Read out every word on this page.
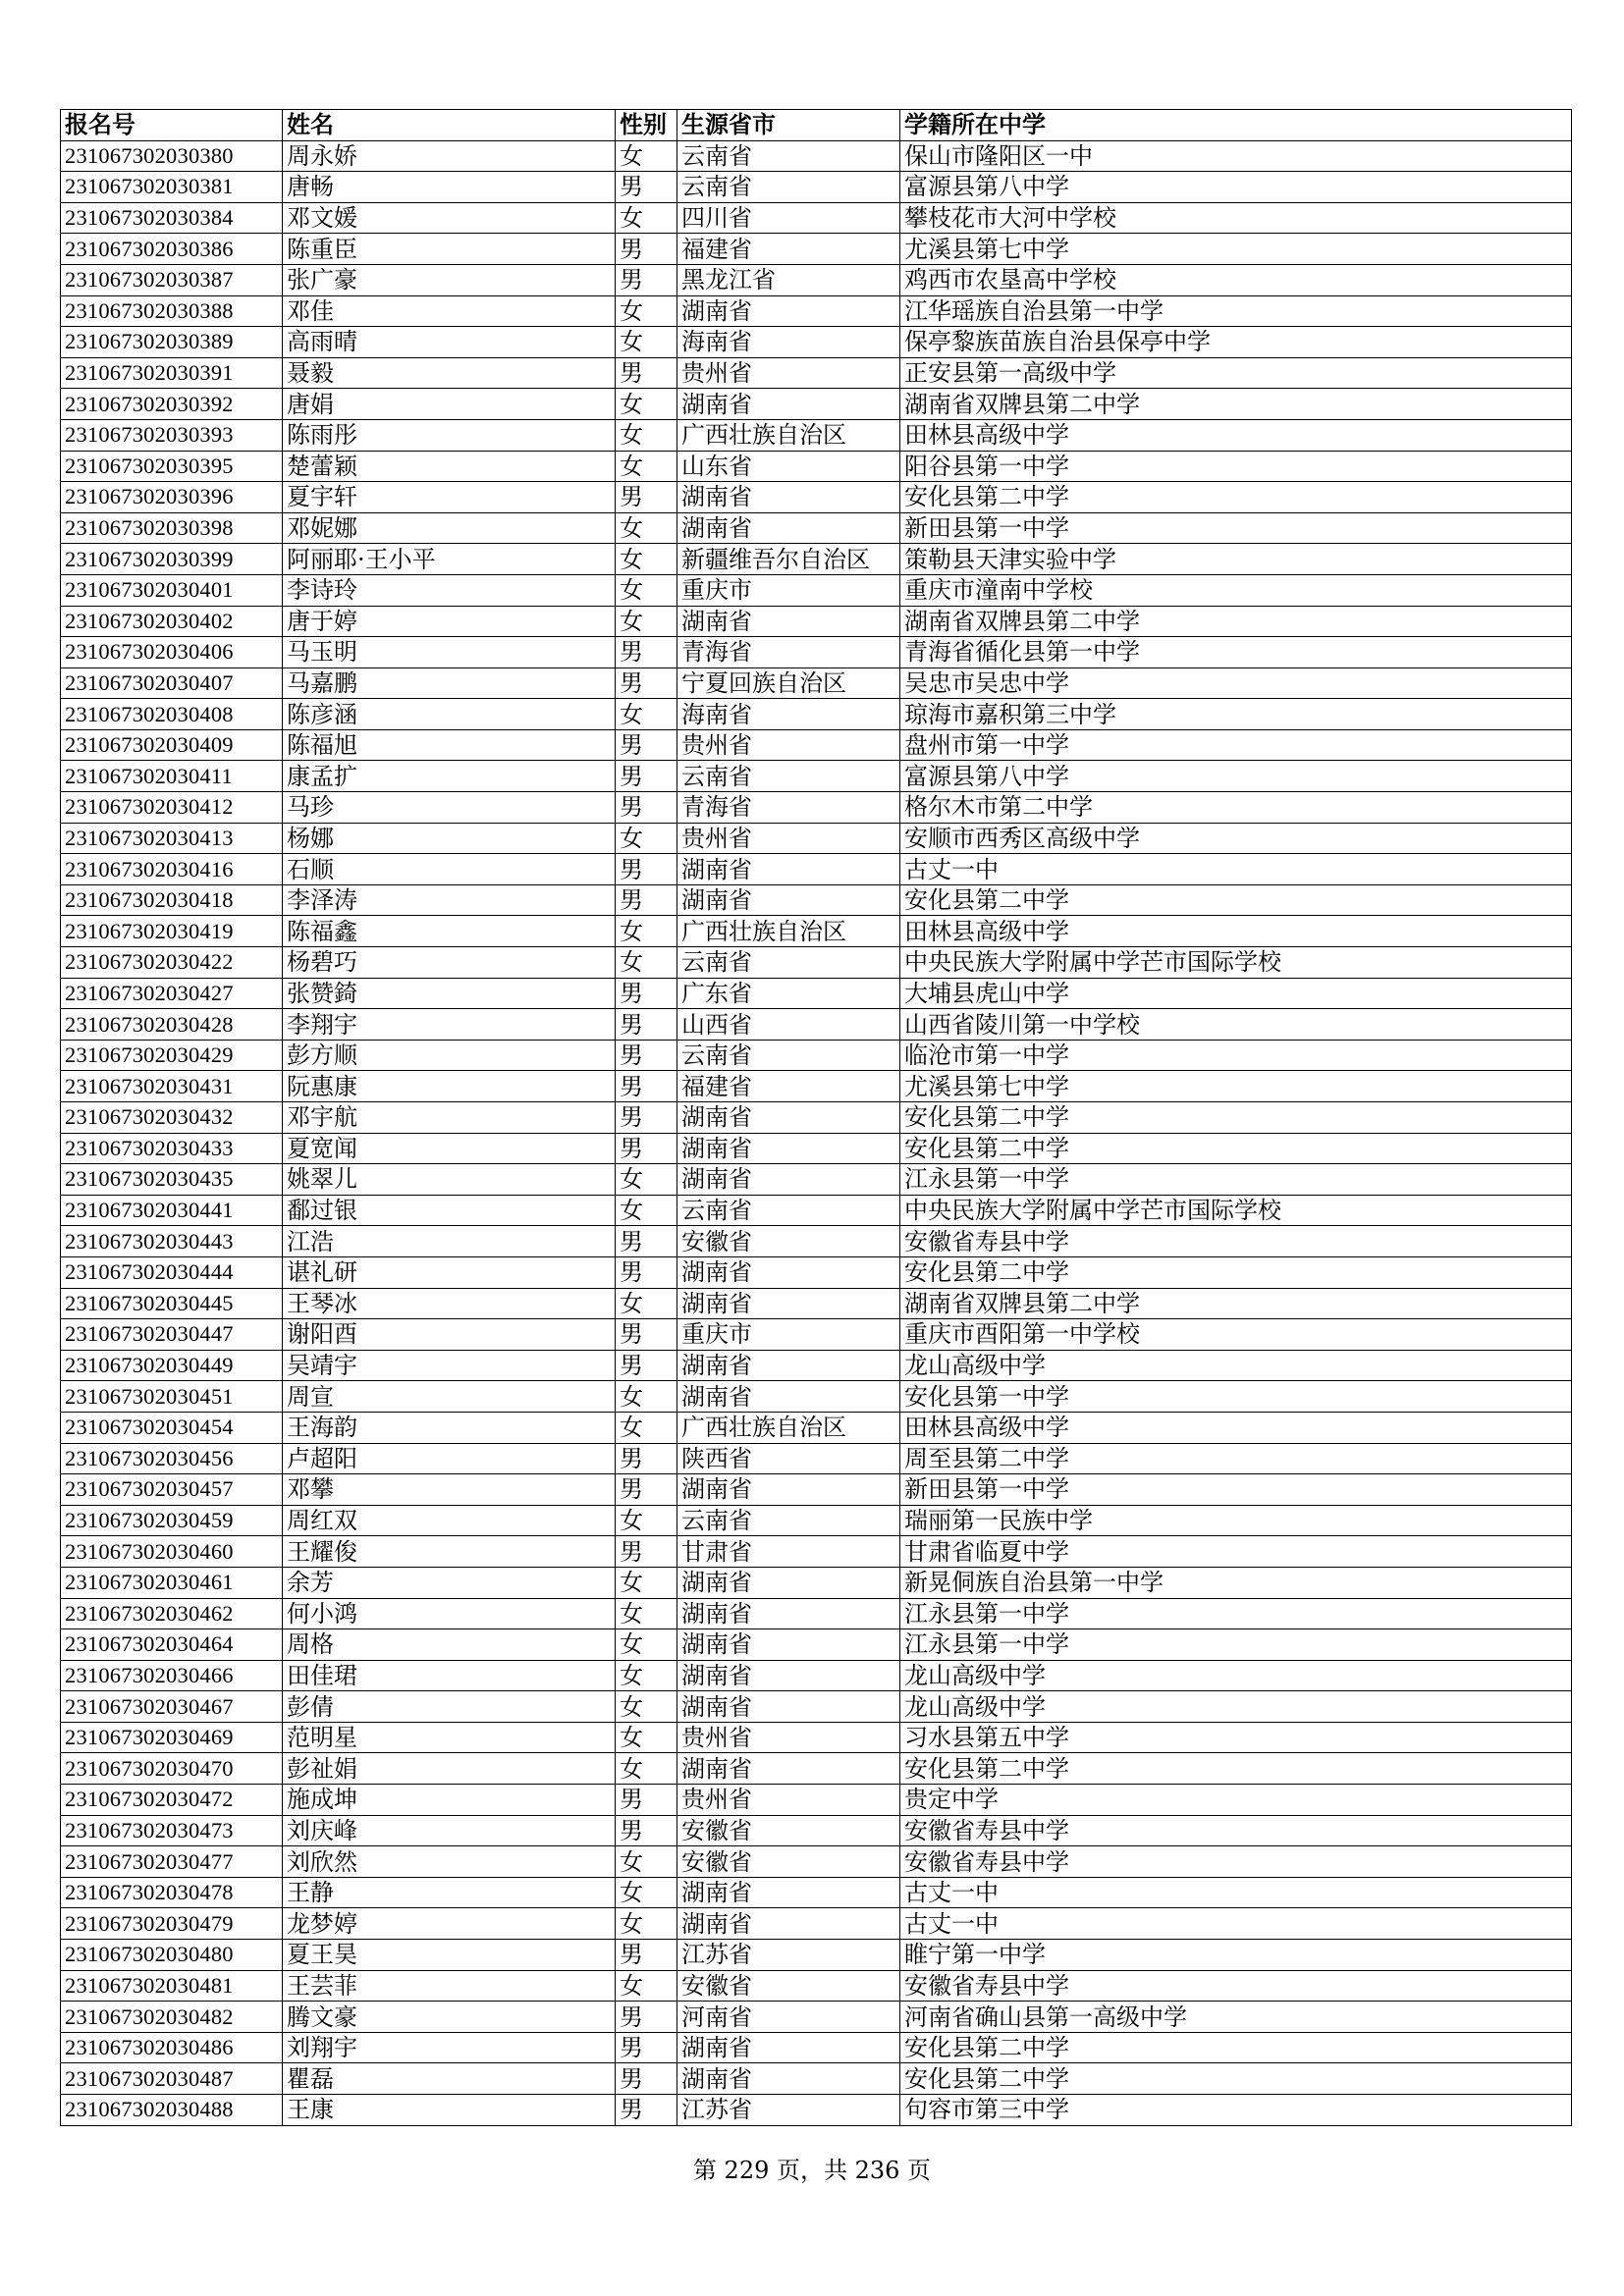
报名号	姓名	性别	生源省市	学籍所在中学
231067302030380	周永娇	女	云南省	保山市隆阳区一中
231067302030381	唐畅	男	云南省	富源县第八中学
231067302030384	邓文媛	女	四川省	攀枝花市大河中学校
231067302030386	陈重臣	男	福建省	尤溪县第七中学
231067302030387	张广豪	男	黑龙江省	鸡西市农垦高中学校
231067302030388	邓佳	女	湖南省	江华瑶族自治县第一中学
231067302030389	高雨晴	女	海南省	保亭黎族苗族自治县保亭中学
231067302030391	聂毅	男	贵州省	正安县第一高级中学
231067302030392	唐娟	女	湖南省	湖南省双牌县第二中学
231067302030393	陈雨彤	女	广西壮族自治区	田林县高级中学
231067302030395	楚蕾颖	女	山东省	阳谷县第一中学
231067302030396	夏宇轩	男	湖南省	安化县第二中学
231067302030398	邓妮娜	女	湖南省	新田县第一中学
231067302030399	阿丽耶·王小平	女	新疆维吾尔自治区	策勒县天津实验中学
231067302030401	李诗玲	女	重庆市	重庆市潼南中学校
231067302030402	唐于婷	女	湖南省	湖南省双牌县第二中学
231067302030406	马玉明	男	青海省	青海省循化县第一中学
231067302030407	马嘉鹏	男	宁夏回族自治区	吴忠市吴忠中学
231067302030408	陈彦涵	女	海南省	琼海市嘉积第三中学
231067302030409	陈福旭	男	贵州省	盘州市第一中学
231067302030411	康孟扩	男	云南省	富源县第八中学
231067302030412	马珍	男	青海省	格尔木市第二中学
231067302030413	杨娜	女	贵州省	安顺市西秀区高级中学
231067302030416	石顺	男	湖南省	古丈一中
231067302030418	李泽涛	男	湖南省	安化县第二中学
231067302030419	陈福鑫	女	广西壮族自治区	田林县高级中学
231067302030422	杨碧巧	女	云南省	中央民族大学附属中学芒市国际学校
231067302030427	张赞錡	男	广东省	大埔县虎山中学
231067302030428	李翔宇	男	山西省	山西省陵川第一中学校
231067302030429	彭方顺	男	云南省	临沧市第一中学
231067302030431	阮惠康	男	福建省	尤溪县第七中学
231067302030432	邓宇航	男	湖南省	安化县第二中学
231067302030433	夏宽闻	男	湖南省	安化县第二中学
231067302030435	姚翠儿	女	湖南省	江永县第一中学
231067302030441	鄱过银	女	云南省	中央民族大学附属中学芒市国际学校
231067302030443	江浩	男	安徽省	安徽省寿县中学
231067302030444	谌礼研	男	湖南省	安化县第二中学
231067302030445	王琴冰	女	湖南省	湖南省双牌县第二中学
231067302030447	谢阳酉	男	重庆市	重庆市酉阳第一中学校
231067302030449	吴靖宇	男	湖南省	龙山高级中学
231067302030451	周宣	女	湖南省	安化县第一中学
231067302030454	王海韵	女	广西壮族自治区	田林县高级中学
231067302030456	卢超阳	男	陕西省	周至县第二中学
231067302030457	邓攀	男	湖南省	新田县第一中学
231067302030459	周红双	女	云南省	瑞丽第一民族中学
231067302030460	王耀俊	男	甘肃省	甘肃省临夏中学
231067302030461	余芳	女	湖南省	新晃侗族自治县第一中学
231067302030462	何小鸿	女	湖南省	江永县第一中学
231067302030464	周格	女	湖南省	江永县第一中学
231067302030466	田佳珺	女	湖南省	龙山高级中学
231067302030467	彭倩	女	湖南省	龙山高级中学
231067302030469	范明星	女	贵州省	习水县第五中学
231067302030470	彭祉娟	女	湖南省	安化县第二中学
231067302030472	施成坤	男	贵州省	贵定中学
231067302030473	刘庆峰	男	安徽省	安徽省寿县中学
231067302030477	刘欣然	女	安徽省	安徽省寿县中学
231067302030478	王静	女	湖南省	古丈一中
231067302030479	龙梦婷	女	湖南省	古丈一中
231067302030480	夏王昊	男	江苏省	睢宁第一中学
231067302030481	王芸菲	女	安徽省	安徽省寿县中学
231067302030482	腾文豪	男	河南省	河南省确山县第一高级中学
231067302030486	刘翔宇	男	湖南省	安化县第二中学
231067302030487	瞿磊	男	湖南省	安化县第二中学
231067302030488	王康	男	江苏省	句容市第三中学
第 229 页，共 236 页
